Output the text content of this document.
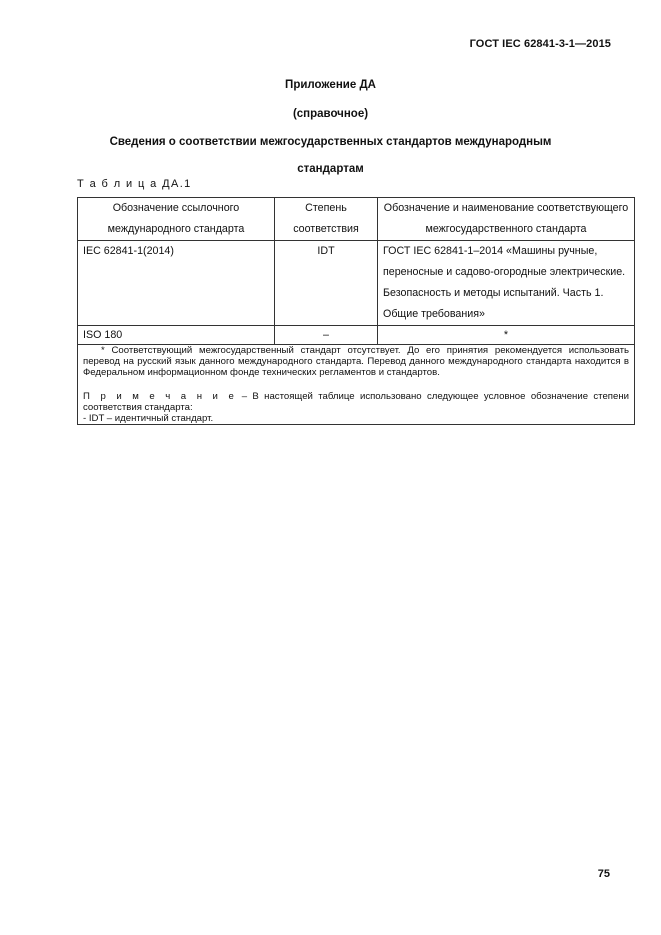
ГОСТ IEC 62841-3-1—2015
Приложение ДА
(справочное)
Сведения о соответствии межгосударственных стандартов международным
стандартам
Т а б л и ц а ДА.1
Обозначение ссылочного международного стандарта	Степень соответствия	Обозначение и наименование соответствующего межгосударственного стандарта
IEC 62841-1(2014)	IDT	ГОСТ IEC 62841-1–2014 «Машины ручные, переносные и садово-огородные электрические. Безопасность и методы испытаний. Часть 1. Общие требования»
ISO 180	–	*

* Соответствующий межгосударственный стандарт отсутствует. До его принятия рекомендуется использовать перевод на русский язык данного международного стандарта. Перевод данного международного стандарта находится в Федеральном информационном фонде технических регламентов и стандартов.

П р и м е ч а н и е – В настоящей таблице использовано следующее условное обозначение степени соответствия стандарта:

- IDT – идентичный стандарт.		

75
